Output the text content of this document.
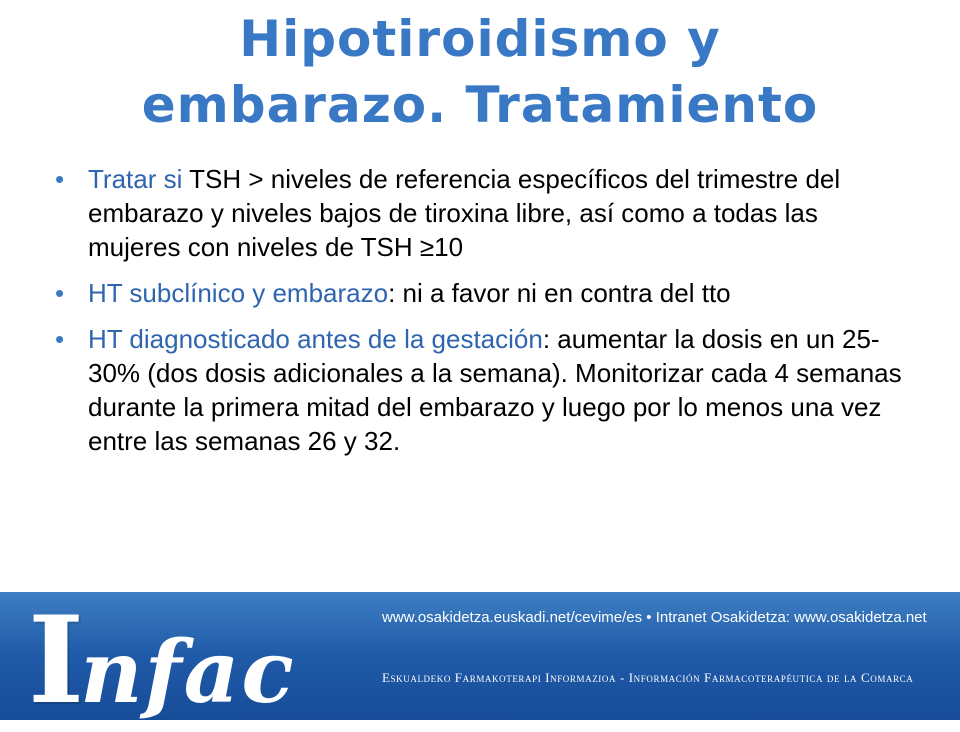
Hipotiroidismo y
embarazo. Tratamiento
• Tratar si TSH > niveles de referencia específicos del trimestre del embarazo y niveles bajos de tiroxina libre, así como a todas las mujeres con niveles de TSH ≥10
• HT subclínico y embarazo: ni a favor ni en contra del tto
• HT diagnosticado antes de la gestación: aumentar la dosis en un 25-30% (dos dosis adicionales a la semana). Monitorizar cada 4 semanas durante la primera mitad del embarazo y luego por lo menos una vez entre las semanas 26 y 32.
Infac
www.osakidetza.euskadi.net/cevime/es • Intranet Osakidetza: www.osakidetza.net
Eskualdeko Farmakoterapi Informazioa - Información Farmacoterapéutica de la Comarca
